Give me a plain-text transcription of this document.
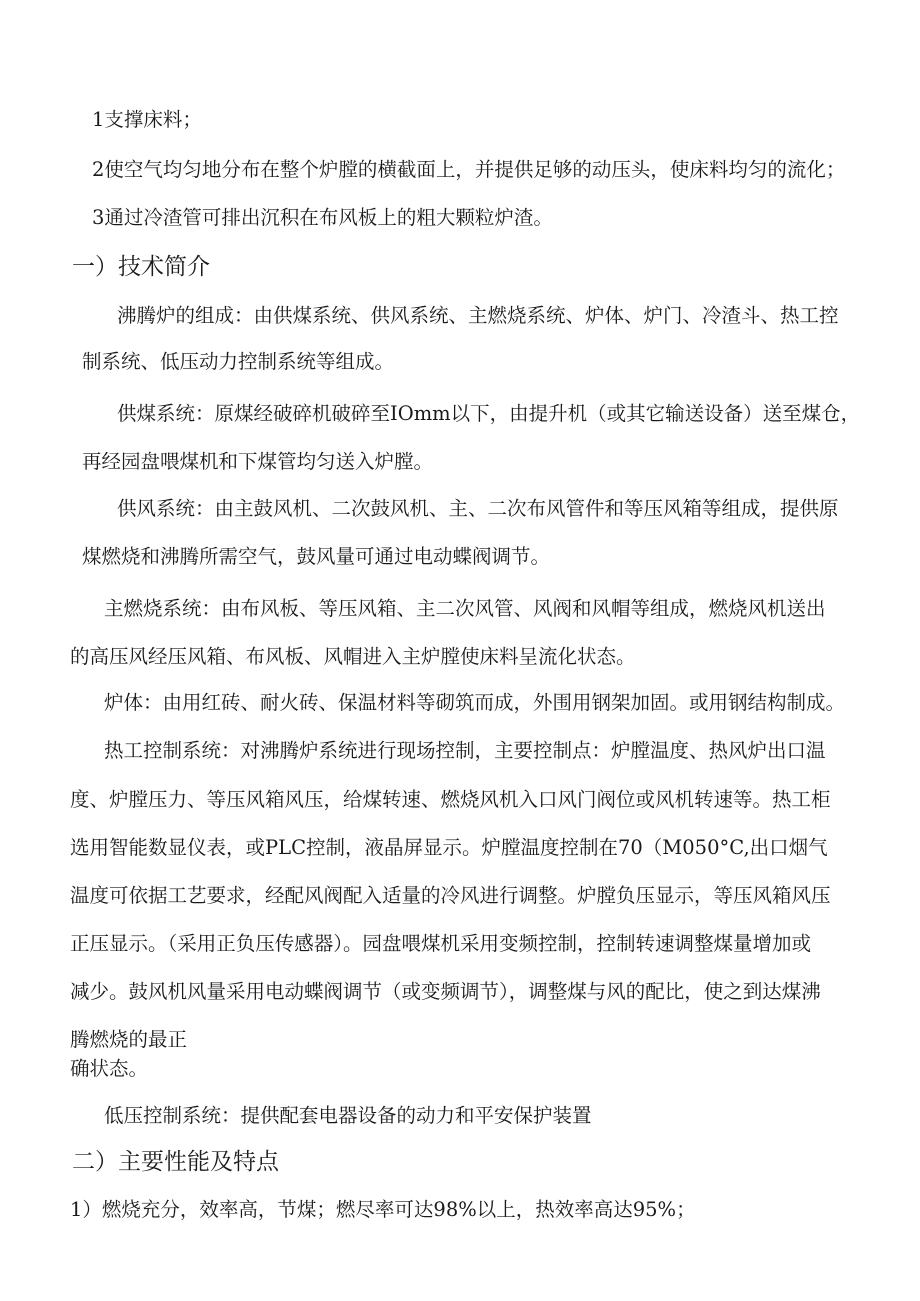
1支撑床料；
2使空气均匀地分布在整个炉膛的横截面上，并提供足够的动压头，使床料均匀的流化；
3通过冷渣管可排出沉积在布风板上的粗大颗粒炉渣。
一）技术简介
沸腾炉的组成：由供煤系统、供风系统、主燃烧系统、炉体、炉门、冷渣斗、热工控
制系统、低压动力控制系统等组成。
供煤系统：原煤经破碎机破碎至IOmm以下，由提升机（或其它输送设备）送至煤仓，
再经园盘喂煤机和下煤管均匀送入炉膛。
供风系统：由主鼓风机、二次鼓风机、主、二次布风管件和等压风箱等组成，提供原
煤燃烧和沸腾所需空气，鼓风量可通过电动蝶阀调节。
主燃烧系统：由布风板、等压风箱、主二次风管、风阀和风帽等组成，燃烧风机送出
的高压风经压风箱、布风板、风帽进入主炉膛使床料呈流化状态。
炉体：由用红砖、耐火砖、保温材料等砌筑而成，外围用钢架加固。或用钢结构制成。
热工控制系统：对沸腾炉系统进行现场控制，主要控制点：炉膛温度、热风炉出口温
度、炉膛压力、等压风箱风压，给煤转速、燃烧风机入口风门阀位或风机转速等。热工柜
选用智能数显仪表，或PLC控制，液晶屏显示。炉膛温度控制在70（M050°C,出口烟气
温度可依据工艺要求，经配风阀配入适量的冷风进行调整。炉膛负压显示，等压风箱风压
正压显示。（采用正负压传感器）。园盘喂煤机采用变频控制，控制转速调整煤量增加或
减少。鼓风机风量采用电动蝶阀调节（或变频调节），调整煤与风的配比，使之到达煤沸
腾燃烧的最正
确状态。
低压控制系统：提供配套电器设备的动力和平安保护装置
二）主要性能及特点
1）燃烧充分，效率高，节煤；燃尽率可达98%以上，热效率高达95%；
